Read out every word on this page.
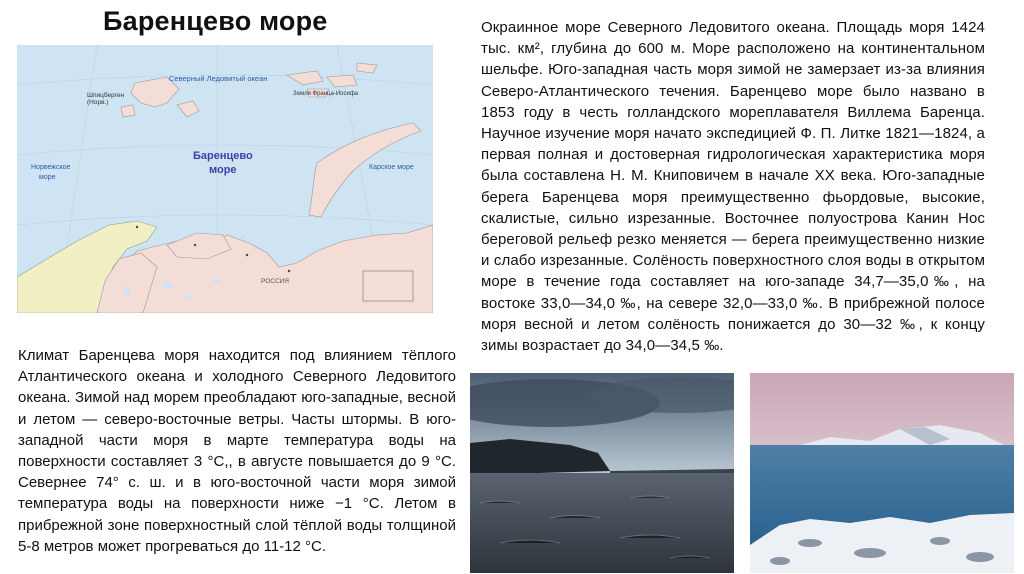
Баренцево море
Северный Ледовитый океан
Шпицберген (Норв.)
Земля Франца-Иосифа
Баренцево
море
Норвежское
море
Карское море
РОССИЯ
Окраинное море Северного Ледовитого океана. Площадь моря 1424 тыс. км², глубина до 600 м. Море расположено на континентальном шельфе. Юго-западная часть моря зимой не замерзает из-за влияния Северо-Атлантического течения. Баренцево море было названо в 1853 году в честь голландского мореплавателя Виллема Баренца. Научное изучение моря начато экспедицией Ф. П. Литке 1821—1824, а первая полная и достоверная гидрологическая характеристика моря была составлена Н. М. Книповичем в начале XX века. Юго-западные берега Баренцева моря преимущественно фьордовые, высокие, скалистые, сильно изрезанные. Восточнее полуострова Канин Нос береговой рельеф резко меняется — берега преимущественно низкие и слабо изрезанные. Солёность поверхностного слоя воды в открытом море в течение года составляет на юго-западе 34,7—35,0‰, на востоке 33,0—34,0 ‰, на севере 32,0—33,0 ‰. В прибрежной полосе моря весной и летом солёность понижается до 30—32 ‰, к концу зимы возрастает до 34,0—34,5 ‰.
Климат Баренцева моря находится под влиянием тёплого Атлантического океана и холодного Северного Ледовитого океана. Зимой над морем преобладают юго-западные, весной и летом — северо-восточные ветры. Часты штормы. В юго-западной части моря в марте температура воды на поверхности составляет 3 °С,, в августе повышается до 9 °С. Севернее 74° с. ш. и в юго-восточной части моря зимой температура воды на поверхности ниже −1 °С. Летом в прибрежной зоне поверхностный слой тёплой воды толщиной 5-8 метров может прогреваться до 11-12 °С.
